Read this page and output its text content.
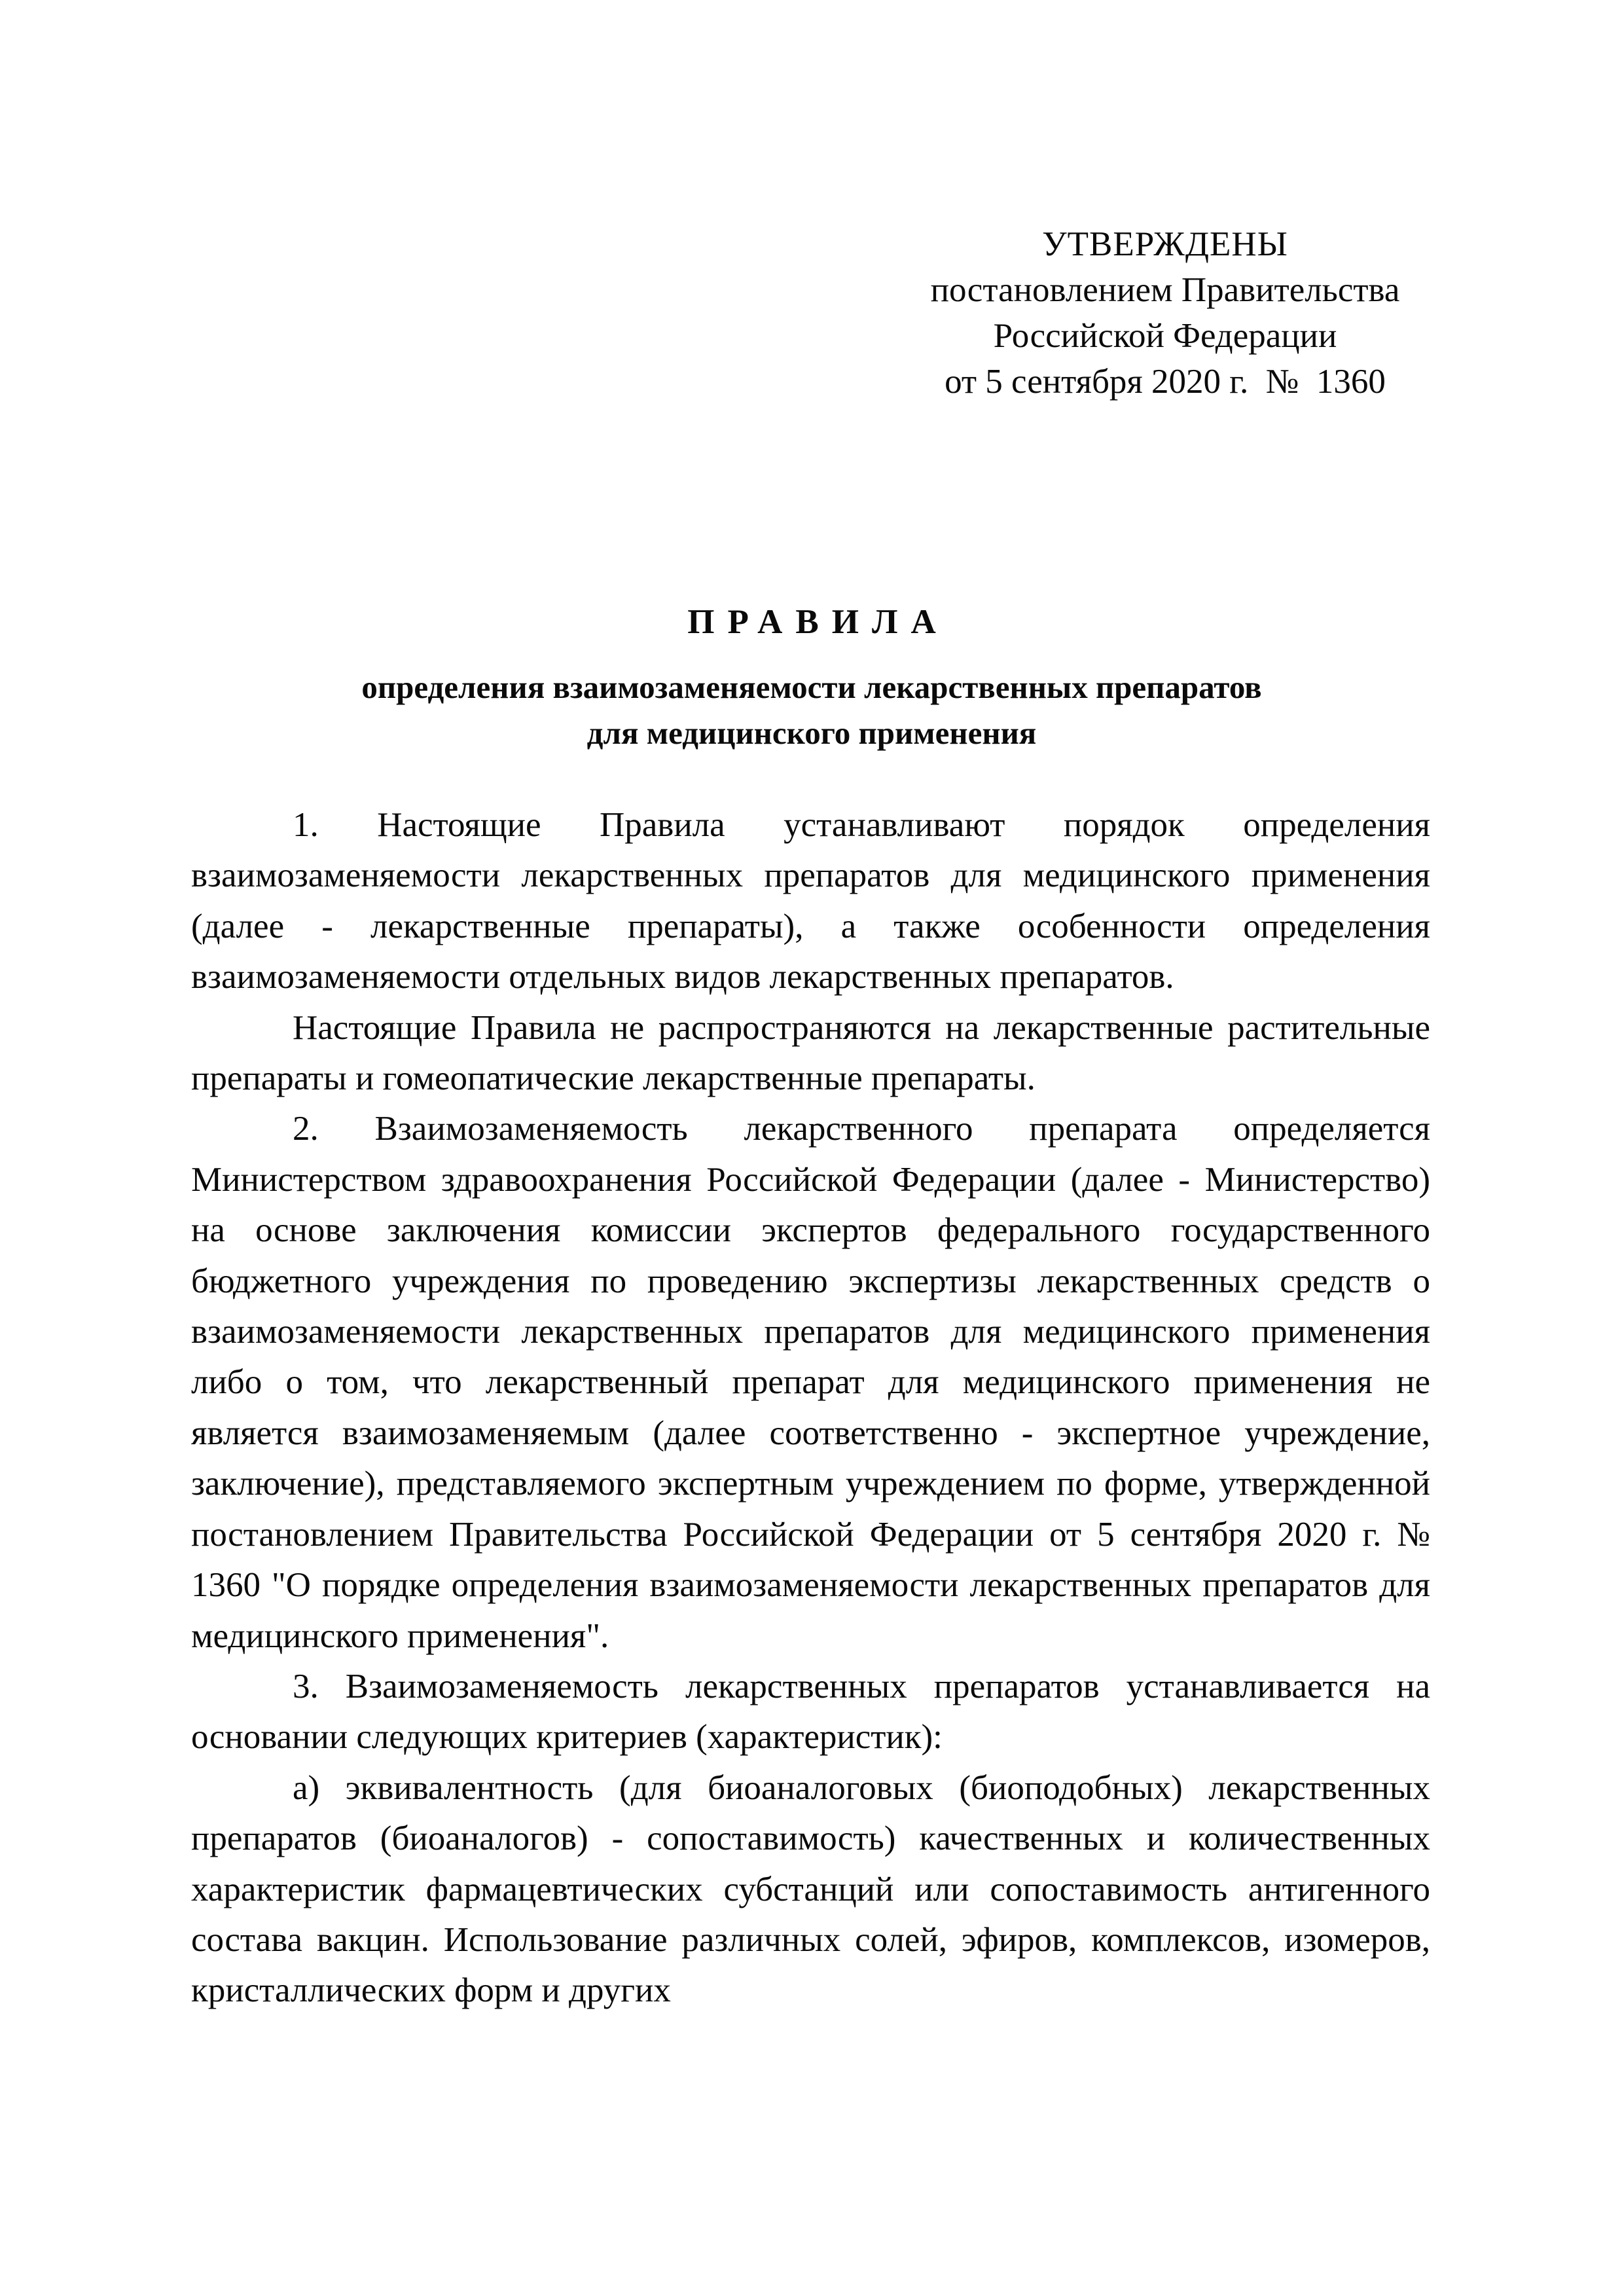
УТВЕРЖДЕНЫ
постановлением Правительства
Российской Федерации
от 5 сентября 2020 г.  №  1360
ПРАВИЛА
определения взаимозаменяемости лекарственных препаратов
для медицинского применения

1. Настоящие Правила устанавливают порядок определения взаимозаменяемости лекарственных препаратов для медицинского применения (далее - лекарственные препараты), а также особенности определения взаимозаменяемости отдельных видов лекарственных препаратов.

Настоящие Правила не распространяются на лекарственные растительные препараты и гомеопатические лекарственные препараты.

2. Взаимозаменяемость лекарственного препарата определяется Министерством здравоохранения Российской Федерации (далее - Министерство) на основе заключения комиссии экспертов федерального государственного бюджетного учреждения по проведению экспертизы лекарственных средств о взаимозаменяемости лекарственных препаратов для медицинского применения либо о том, что лекарственный препарат для медицинского применения не является взаимозаменяемым (далее соответственно - экспертное учреждение, заключение), представляемого экспертным учреждением по форме, утвержденной постановлением Правительства Российской Федерации от 5 сентября 2020 г. № 1360 "О порядке определения взаимозаменяемости лекарственных препаратов для медицинского применения".

3. Взаимозаменяемость лекарственных препаратов устанавливается на основании следующих критериев (характеристик):

а) эквивалентность (для биоаналоговых (биоподобных) лекарственных препаратов (биоаналогов) - сопоставимость) качественных и количественных характеристик фармацевтических субстанций или сопоставимость антигенного состава вакцин. Использование различных солей, эфиров, комплексов, изомеров, кристаллических форм и других
